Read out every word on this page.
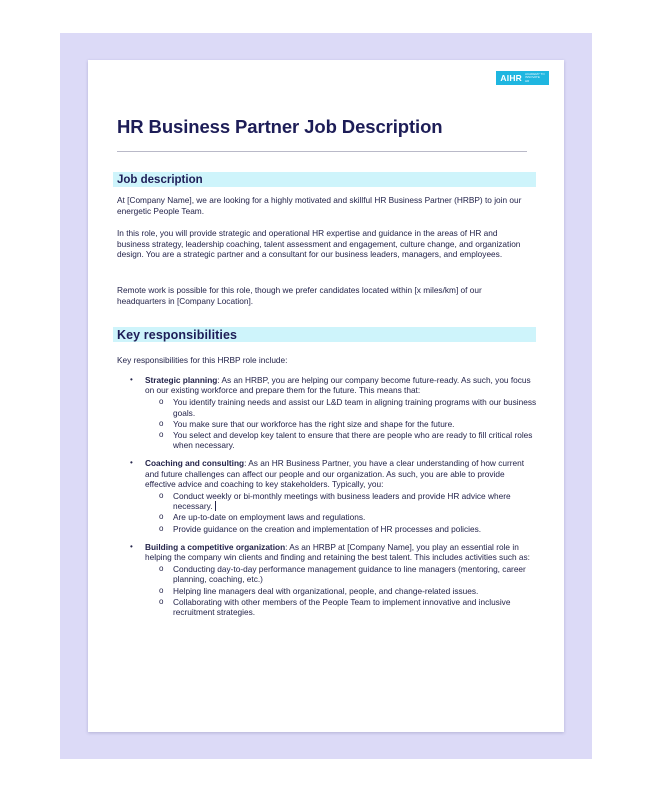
AIHR ACADEMY TO INNOVATE HR
HR Business Partner Job Description
Job description

At [Company Name], we are looking for a highly motivated and skillful HR Business Partner (HRBP) to join our energetic People Team.

In this role, you will provide strategic and operational HR expertise and guidance in the areas of HR and business strategy, leadership coaching, talent assessment and engagement, culture change, and organization design. You are a strategic partner and a consultant for our business leaders, managers, and employees.

Remote work is possible for this role, though we prefer candidates located within [x miles/km] of our headquarters in [Company Location].

Key responsibilities

Key responsibilities for this HRBP role include:

• Strategic planning: As an HRBP, you are helping our company become future-ready. As such, you focus on our existing workforce and prepare them for the future. This means that:
o You identify training needs and assist our L&D team in aligning training programs with our business goals.
o You make sure that our workforce has the right size and shape for the future.
o You select and develop key talent to ensure that there are people who are ready to fill critical roles when necessary.
• Coaching and consulting: As an HR Business Partner, you have a clear understanding of how current and future challenges can affect our people and our organization. As such, you are able to provide effective advice and coaching to key stakeholders. Typically, you:
o Conduct weekly or bi-monthly meetings with business leaders and provide HR advice where necessary.
o Are up-to-date on employment laws and regulations.
o Provide guidance on the creation and implementation of HR processes and policies.
• Building a competitive organization: As an HRBP at [Company Name], you play an essential role in helping the company win clients and finding and retaining the best talent. This includes activities such as:
o Conducting day-to-day performance management guidance to line managers (mentoring, career planning, coaching, etc.)
o Helping line managers deal with organizational, people, and change-related issues.
o Collaborating with other members of the People Team to implement innovative and inclusive recruitment strategies.
